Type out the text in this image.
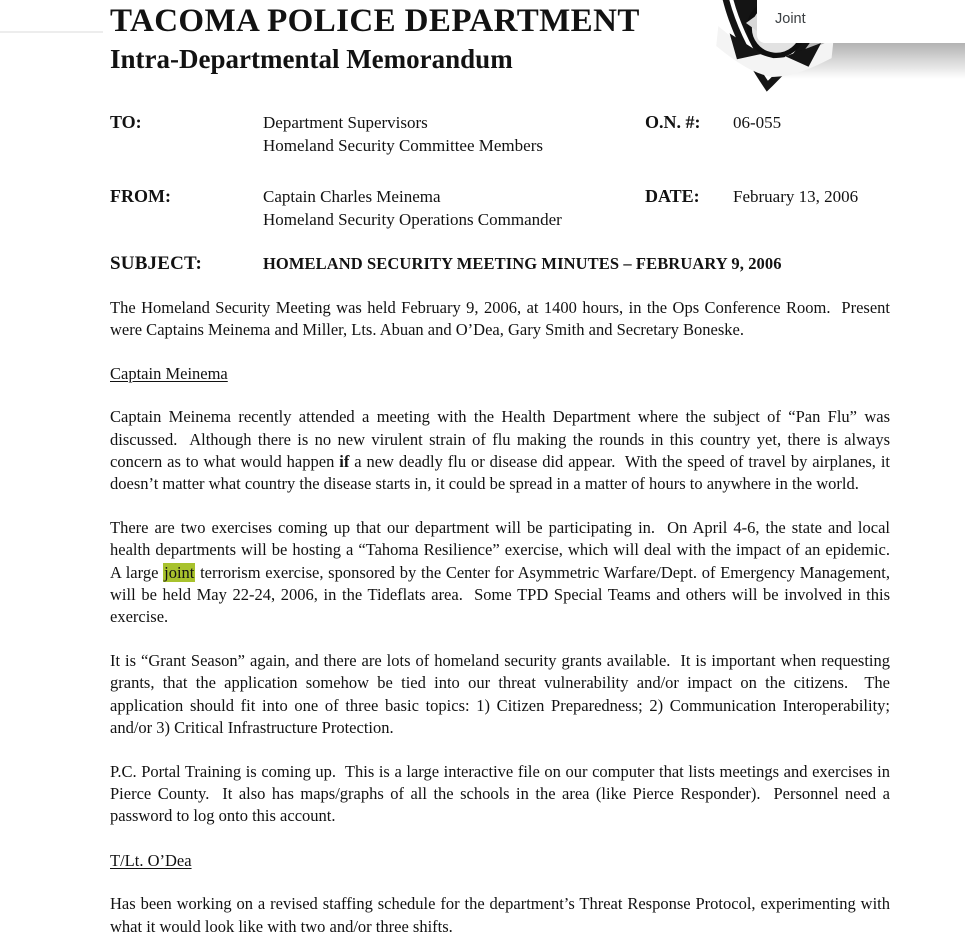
TACOMA POLICE DEPARTMENT
Intra-Departmental Memorandum
TO:	Department Supervisors
Homeland Security Committee Members
O.N. #:	06-055
FROM:	Captain Charles Meinema
Homeland Security Operations Commander
DATE:	February 13, 2006
SUBJECT:	HOMELAND SECURITY MEETING MINUTES – FEBRUARY 9, 2006

The Homeland Security Meeting was held February 9, 2006, at 1400 hours, in the Ops Conference Room.  Present were Captains Meinema and Miller, Lts. Abuan and O’Dea, Gary Smith and Secretary Boneske.

Captain Meinema

Captain Meinema recently attended a meeting with the Health Department where the subject of “Pan Flu” was discussed.  Although there is no new virulent strain of flu making the rounds in this country yet, there is always concern as to what would happen if a new deadly flu or disease did appear.  With the speed of travel by airplanes, it doesn’t matter what country the disease starts in, it could be spread in a matter of hours to anywhere in the world.

There are two exercises coming up that our department will be participating in.  On April 4-6, the state and local health departments will be hosting a “Tahoma Resilience” exercise, which will deal with the impact of an epidemic.  A large joint terrorism exercise, sponsored by the Center for Asymmetric Warfare/Dept. of Emergency Management, will be held May 22-24, 2006, in the Tideflats area.  Some TPD Special Teams and others will be involved in this exercise.

It is “Grant Season” again, and there are lots of homeland security grants available.  It is important when requesting grants, that the application somehow be tied into our threat vulnerability and/or impact on the citizens.  The application should fit into one of three basic topics: 1) Citizen Preparedness; 2) Communication Interoperability; and/or 3) Critical Infrastructure Protection.

P.C. Portal Training is coming up.  This is a large interactive file on our computer that lists meetings and exercises in Pierce County.  It also has maps/graphs of all the schools in the area (like Pierce Responder).  Personnel need a password to log onto this account.

T/Lt. O’Dea

Has been working on a revised staffing schedule for the department’s Threat Response Protocol, experimenting with what it would look like with two and/or three shifts.

Joint
